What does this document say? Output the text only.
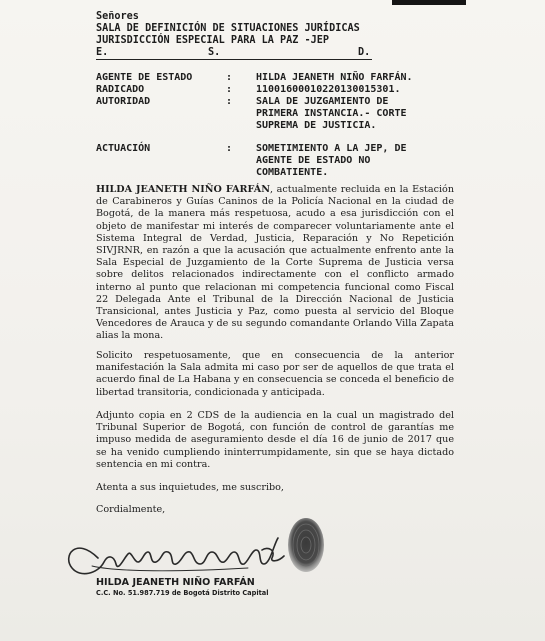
Señores
SALA DE DEFINICIÓN DE SITUACIONES JURÍDICAS
JURISDICCIÓN ESPECIAL PARA LA PAZ -JEP
E.	S.	D.
AGENTE DE ESTADO	:	HILDA JEANETH NIÑO FARFÁN.
RADICADO	:	11001600010220130015301.
AUTORIDAD	:	SALA DE JUZGAMIENTO DE PRIMERA INSTANCIA.- CORTE SUPREMA DE JUSTICIA.
ACTUACIÓN	:	SOMETIMIENTO A LA JEP, DE AGENTE DE ESTADO NO COMBATIENTE.
HILDA JEANETH NIÑO FARFÁN, actualmente recluida en la Estación de Carabineros y Guías Caninos de la Policía Nacional en la ciudad de Bogotá, de la manera más respetuosa, acudo a esa jurisdicción con el objeto de manifestar mi interés de comparecer voluntariamente ante el Sistema Integral de Verdad, Justicia, Reparación y No Repetición SIVJRNR, en razón a que la acusación que actualmente enfrento ante la Sala Especial de Juzgamiento de la Corte Suprema de Justicia versa sobre delitos relacionados indirectamente con el conflicto armado interno al punto que relacionan mi competencia funcional como Fiscal 22 Delegada Ante el Tribunal de la Dirección Nacional de Justicia Transicional, antes Justicia y Paz, como puesta al servicio del Bloque Vencedores de Arauca y de su segundo comandante Orlando Villa Zapata alias la mona.
Solicito respetuosamente, que en consecuencia de la anterior manifestación la Sala admita mi caso por ser de aquellos de que trata el acuerdo final de La Habana y en consecuencia se conceda el beneficio de libertad transitoria, condicionada y anticipada.
Adjunto copia en 2 CDS de la audiencia en la cual un magistrado del Tribunal Superior de Bogotá, con función de control de garantías me impuso medida de aseguramiento desde el día 16 de junio de 2017 que se ha venido cumpliendo ininterrumpidamente, sin que se haya dictado sentencia en mi contra.
Atenta a sus inquietudes, me suscribo,
Cordialmente,
HILDA JEANETH NIÑO FARFÁN
C.C. No. 51.987.719 de Bogotá Distrito Capital
